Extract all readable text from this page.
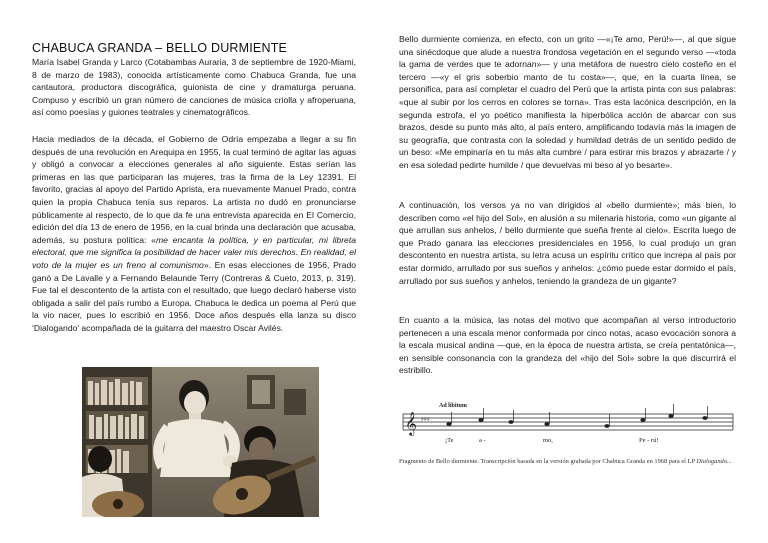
CHABUCA GRANDA – BELLO DURMIENTE

María Isabel Granda y Larco (Cotabambas Auraria, 3 de septiembre de 1920-Miami, 8 de marzo de 1983), conocida artísticamente como Chabuca Granda, fue una cantautora, productora discográfica, guionista de cine y dramaturga peruana. Compuso y escribió un gran número de canciones de música criolla y afroperuana, así como poesías y guiones teatrales y cinematográficos.

Hacia mediados de la década, el Gobierno de Odría empezaba a llegar a su fin después de una revolución en Arequipa en 1955, la cual terminó de agitar las aguas y obligó a convocar a elecciones generales al año siguiente. Estas serían las primeras en las que participaran las mujeres, tras la firma de la Ley 12391. El favorito, gracias al apoyo del Partido Aprista, era nuevamente Manuel Prado, contra quien la propia Chabuca tenía sus reparos. La artista no dudó en pronunciarse públicamente al respecto, de lo que da fe una entrevista aparecida en El Comercio, edición del día 13 de enero de 1956, en la cual brinda una declaración que acusaba, además, su postura política: «me encanta la política, y en particular, mi libreta electoral, que me significa la posibilidad de hacer valer mis derechos. En realidad, el voto de la mujer es un freno al comunismo». En esas elecciones de 1956, Prado ganó a De Lavalle y a Fernando Belaunde Terry (Contreras & Cueto, 2013, p. 319). Fue tal el descontento de la artista con el resultado, que luego declaró haberse visto obligada a salir del país rumbo a Europa. Chabuca le dedica un poema al Perú que la vio nacer, pues lo escribió en 1956. Doce años después ella lanza su disco ‘Dialogando’ acompañada de la guitarra del maestro Oscar Avilés.

Bello durmiente comienza, en efecto, con un grito —«¡Te amo, Perú!»—, al que sigue una sinécdoque que alude a nuestra frondosa vegetación en el segundo verso —«toda la gama de verdes que te adornan»— y una metáfora de nuestro cielo costeño en el tercero —«y el gris soberbio manto de tu costa»—, que, en la cuarta línea, se personifica, para así completar el cuadro del Perú que la artista pinta con sus palabras: «que al subir por los cerros en colores se torna». Tras esta lacónica descripción, en la segunda estrofa, el yo poético manifiesta la hiperbólica acción de abarcar con sus brazos, desde su punto más alto, al país entero, amplificando todavía más la imagen de su geografía, que contrasta con la soledad y humildad detrás de un sentido pedido de un beso: «Me empinaría en tu más alta cumbre / para estirar mis brazos y abrazarte / y en esa soledad pedirte humilde / que devuelvas mi beso al yo besarte».

A continuación, los versos ya no van dirigidos al «bello durmiente»; más bien, lo describen como «el hijo del Sol», en alusión a su milenaria historia, como «un gigante al que arrullan sus anhelos, / bello durmiente que sueña frente al cielo». Escrita luego de que Prado ganara las elecciones presidenciales en 1956, lo cual produjo un gran descontento en nuestra artista, su letra acusa un espíritu crítico que increpa al país por estar dormido, arrullado por sus sueños y anhelos: ¿cómo puede estar dormido el país, arrullado por sus sueños y anhelos, teniendo la grandeza de un gigante?

En cuanto a la música, las notas del motivo que acompañan al verso introductorio pertenecen a una escala menor conformada por cinco notas, acaso evocación sonora a la escala musical andina —que, en la época de nuestra artista, se creía pentatónica—, en sensible consonancia con la grandeza del «hijo del Sol» sobre la que discurrirá el estribillo.

𝄞 ♯♯♯
Ad libitum
¡Te	a -	mo,	Pe - rú!
Fragmento de Bello durmiente. Transcripción basada en la versión grabada por Chabuca Granda en 1968 para el LP Dialogando...
